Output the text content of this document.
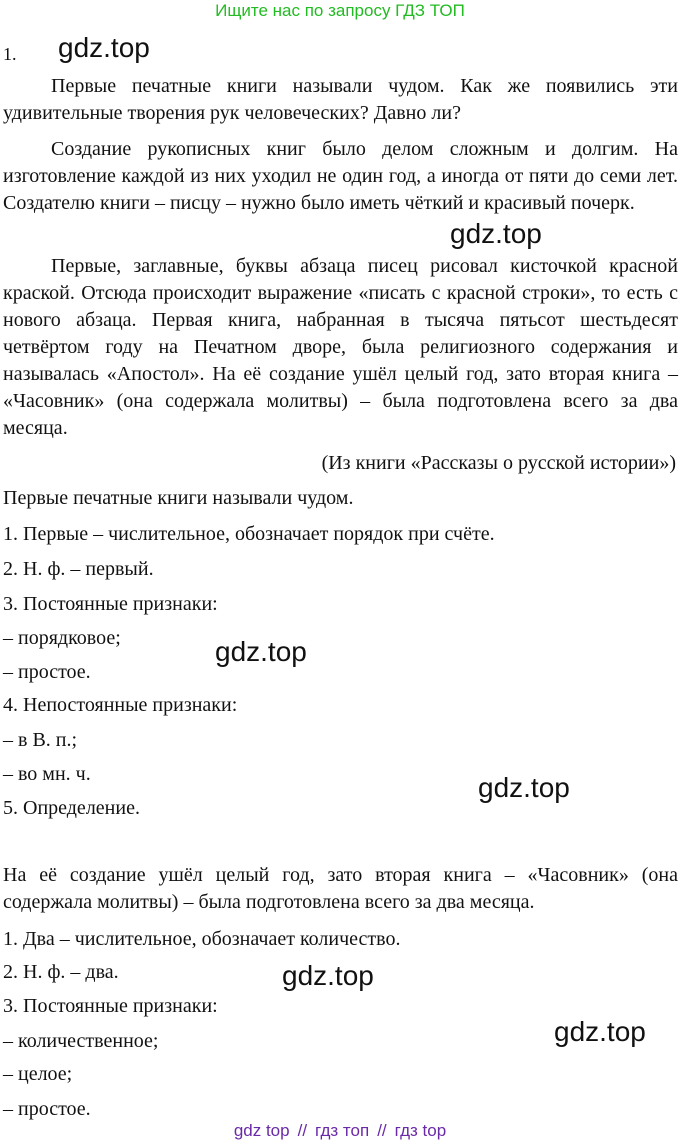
Ищите нас по запросу ГДЗ ТОП
1. gdz.top
Первые печатные книги называли чудом. Как же появились эти удивительные творения рук человеческих? Давно ли?
Создание рукописных книг было делом сложным и долгим. На изготовление каждой из них уходил не один год, а иногда от пяти до семи лет. Создателю книги – писцу – нужно было иметь чёткий и красивый почерк.
Первые, заглавные, буквы абзаца писец рисовал кисточкой красной краской. Отсюда происходит выражение «писать с красной строки», то есть с нового абзаца. Первая книга, набранная в тысяча пятьсот шестьдесят четвёртом году на Печатном дворе, была религиозного содержания и называлась «Апостол». На её создание ушёл целый год, зато вторая книга – «Часовник» (она содержала молитвы) – была подготовлена всего за два месяца.
(Из книги «Рассказы о русской истории»)
Первые печатные книги называли чудом.
1. Первые – числительное, обозначает порядок при счёте.
2. Н. ф. – первый.
3. Постоянные признаки:
– порядковое;
– простое.
4. Непостоянные признаки:
– в В. п.;
– во мн. ч.
5. Определение.
gdz.top
gdz.top
gdz.top
На её создание ушёл целый год, зато вторая книга – «Часовник» (она содержала молитвы) – была подготовлена всего за два месяца.
1. Два – числительное, обозначает количество.
2. Н. ф. – два.
3. Постоянные признаки:
– количественное;
– целое;
– простое.
gdz.top
gdz.top
gdz top // гдз топ // гдз top
